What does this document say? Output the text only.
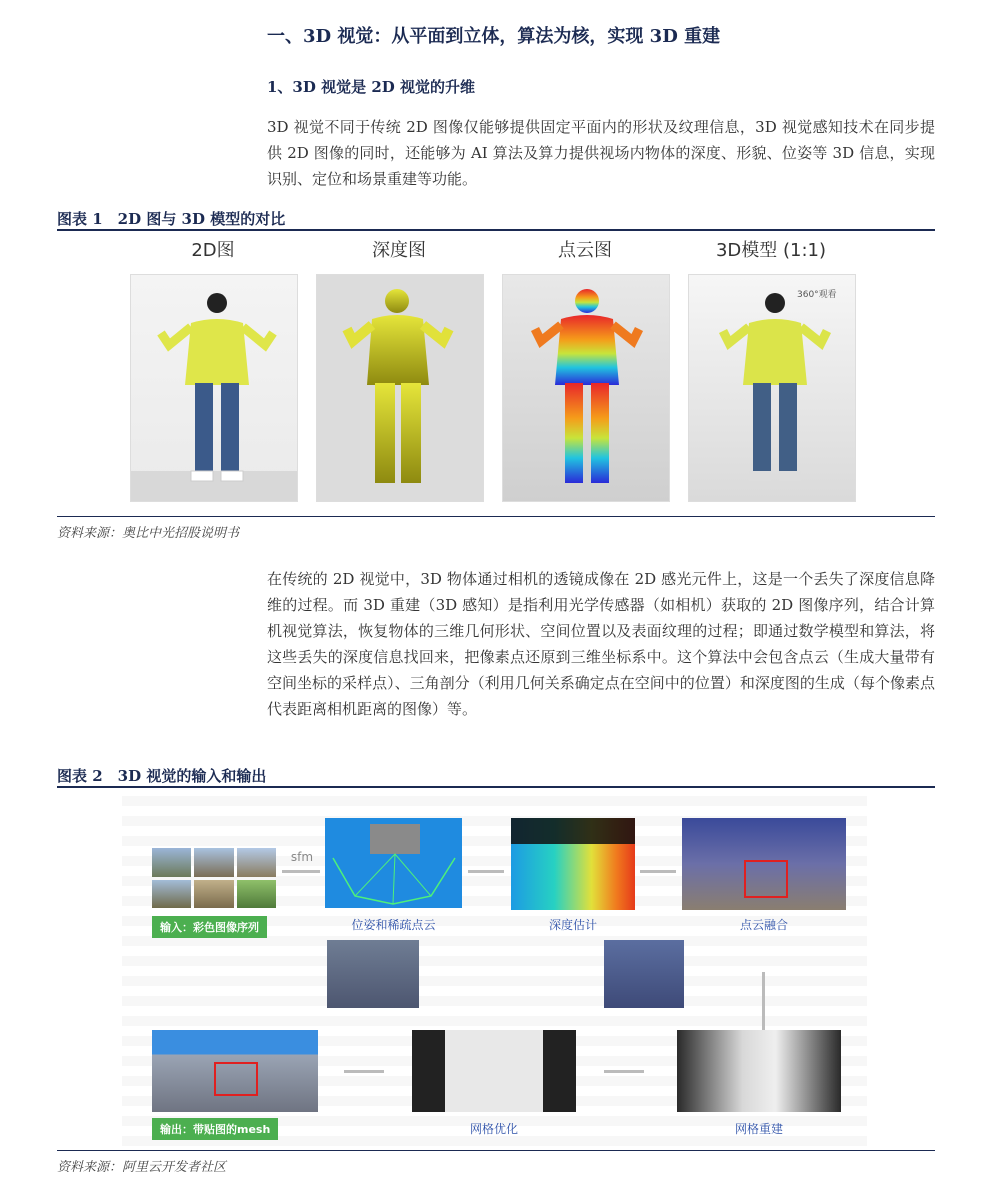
一、3D 视觉：从平面到立体，算法为核，实现 3D 重建
1、3D 视觉是 2D 视觉的升维
3D 视觉不同于传统 2D 图像仅能够提供固定平面内的形状及纹理信息，3D 视觉感知技术在同步提供 2D 图像的同时，还能够为 AI 算法及算力提供视场内物体的深度、形貌、位姿等 3D 信息，实现识别、定位和场景重建等功能。
图表 1　2D 图与 3D 模型的对比
2D图	深度图	点云图	3D模型 (1:1)
360°观看
资料来源：奥比中光招股说明书
在传统的 2D 视觉中，3D 物体通过相机的透镜成像在 2D 感光元件上，这是一个丢失了深度信息降维的过程。而 3D 重建（3D 感知）是指利用光学传感器（如相机）获取的 2D 图像序列，结合计算机视觉算法，恢复物体的三维几何形状、空间位置以及表面纹理的过程；即通过数学模型和算法，将这些丢失的深度信息找回来，把像素点还原到三维坐标系中。这个算法中会包含点云（生成大量带有空间坐标的采样点）、三角剖分（利用几何关系确定点在空间中的位置）和深度图的生成（每个像素点代表距离相机距离的图像）等。
图表 2　3D 视觉的输入和输出
输入：彩色图像序列
sfm
位姿和稀疏点云	深度估计	点云融合
输出：带贴图的mesh	网格优化	网格重建
资料来源：阿里云开发者社区
